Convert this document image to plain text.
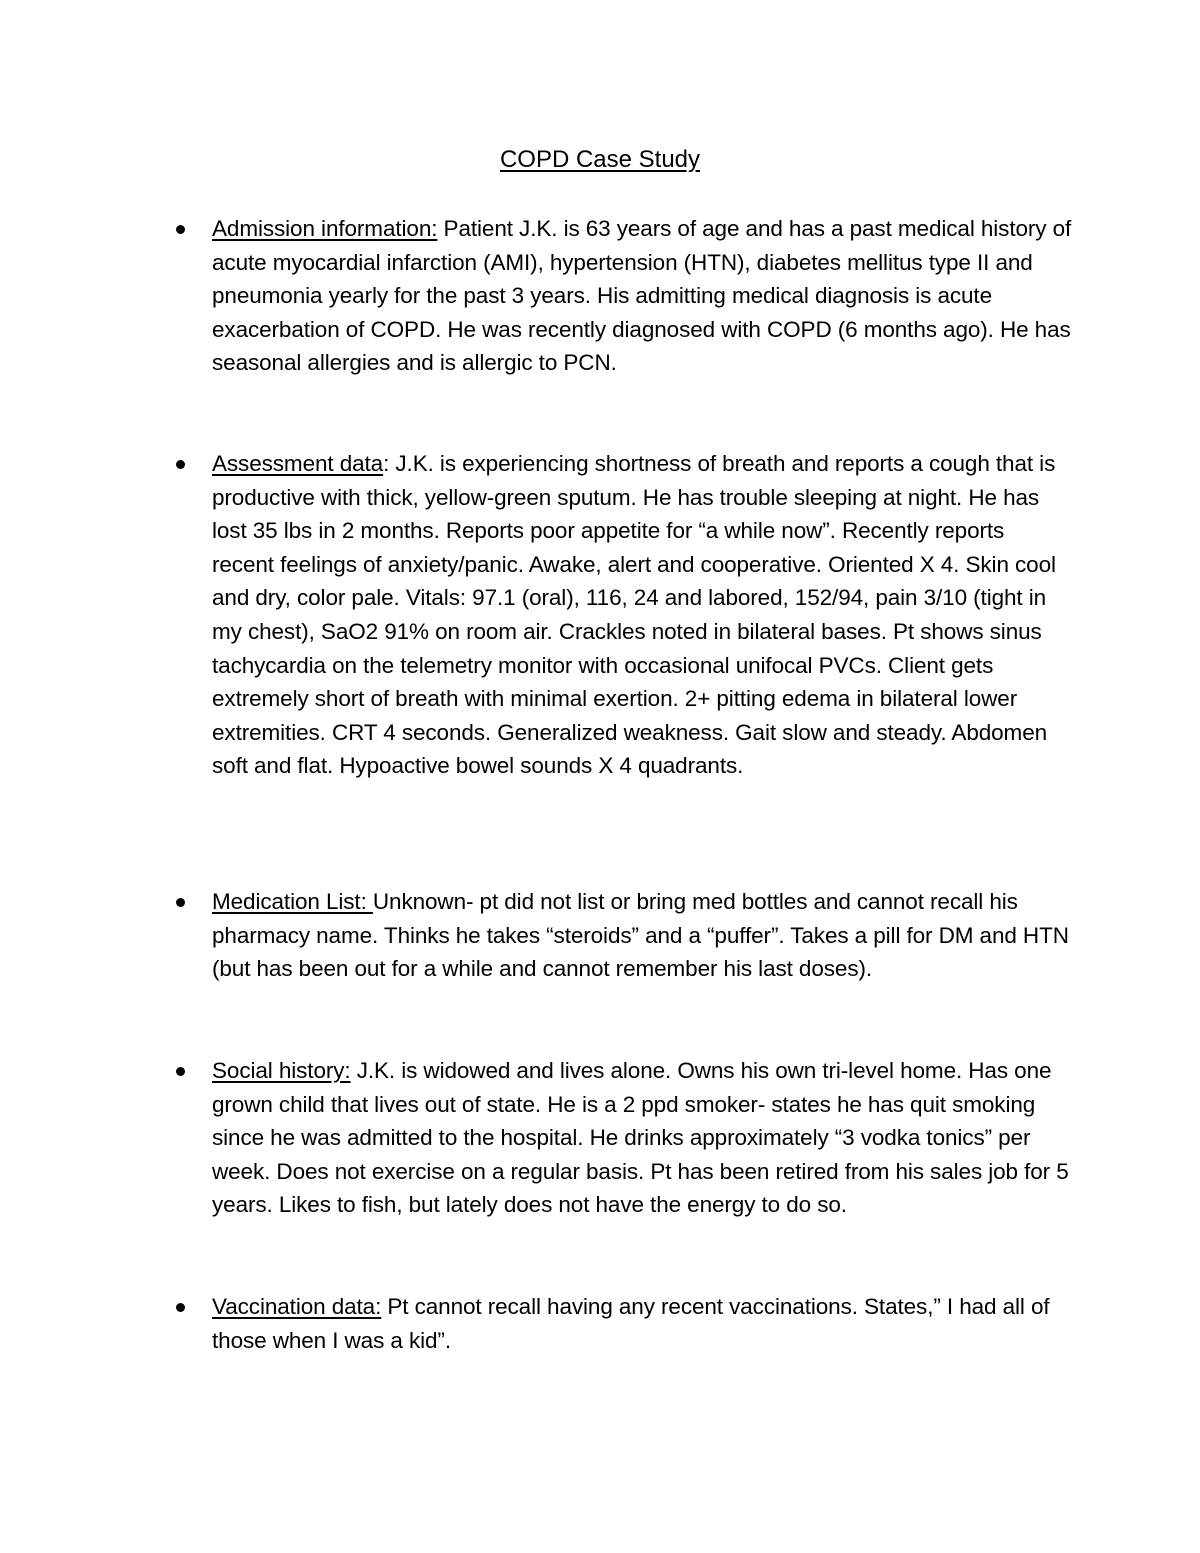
COPD Case Study
Admission information: Patient J.K. is 63 years of age and has a past medical history of acute myocardial infarction (AMI), hypertension (HTN), diabetes mellitus type II and pneumonia yearly for the past 3 years. His admitting medical diagnosis is acute exacerbation of COPD. He was recently diagnosed with COPD (6 months ago). He has seasonal allergies and is allergic to PCN.
Assessment data: J.K. is experiencing shortness of breath and reports a cough that is productive with thick, yellow-green sputum. He has trouble sleeping at night. He has lost 35 lbs in 2 months. Reports poor appetite for “a while now”. Recently reports recent feelings of anxiety/panic. Awake, alert and cooperative. Oriented X 4. Skin cool and dry, color pale. Vitals: 97.1 (oral), 116, 24 and labored, 152/94, pain 3/10 (tight in my chest), SaO2 91% on room air. Crackles noted in bilateral bases. Pt shows sinus tachycardia on the telemetry monitor with occasional unifocal PVCs. Client gets extremely short of breath with minimal exertion. 2+ pitting edema in bilateral lower extremities. CRT 4 seconds. Generalized weakness. Gait slow and steady. Abdomen soft and flat. Hypoactive bowel sounds X 4 quadrants.
Medication List: Unknown- pt did not list or bring med bottles and cannot recall his pharmacy name. Thinks he takes “steroids” and a “puffer”. Takes a pill for DM and HTN (but has been out for a while and cannot remember his last doses).
Social history: J.K. is widowed and lives alone. Owns his own tri-level home. Has one grown child that lives out of state. He is a 2 ppd smoker- states he has quit smoking since he was admitted to the hospital. He drinks approximately “3 vodka tonics” per week. Does not exercise on a regular basis. Pt has been retired from his sales job for 5 years. Likes to fish, but lately does not have the energy to do so.
Vaccination data: Pt cannot recall having any recent vaccinations. States,” I had all of those when I was a kid”.
